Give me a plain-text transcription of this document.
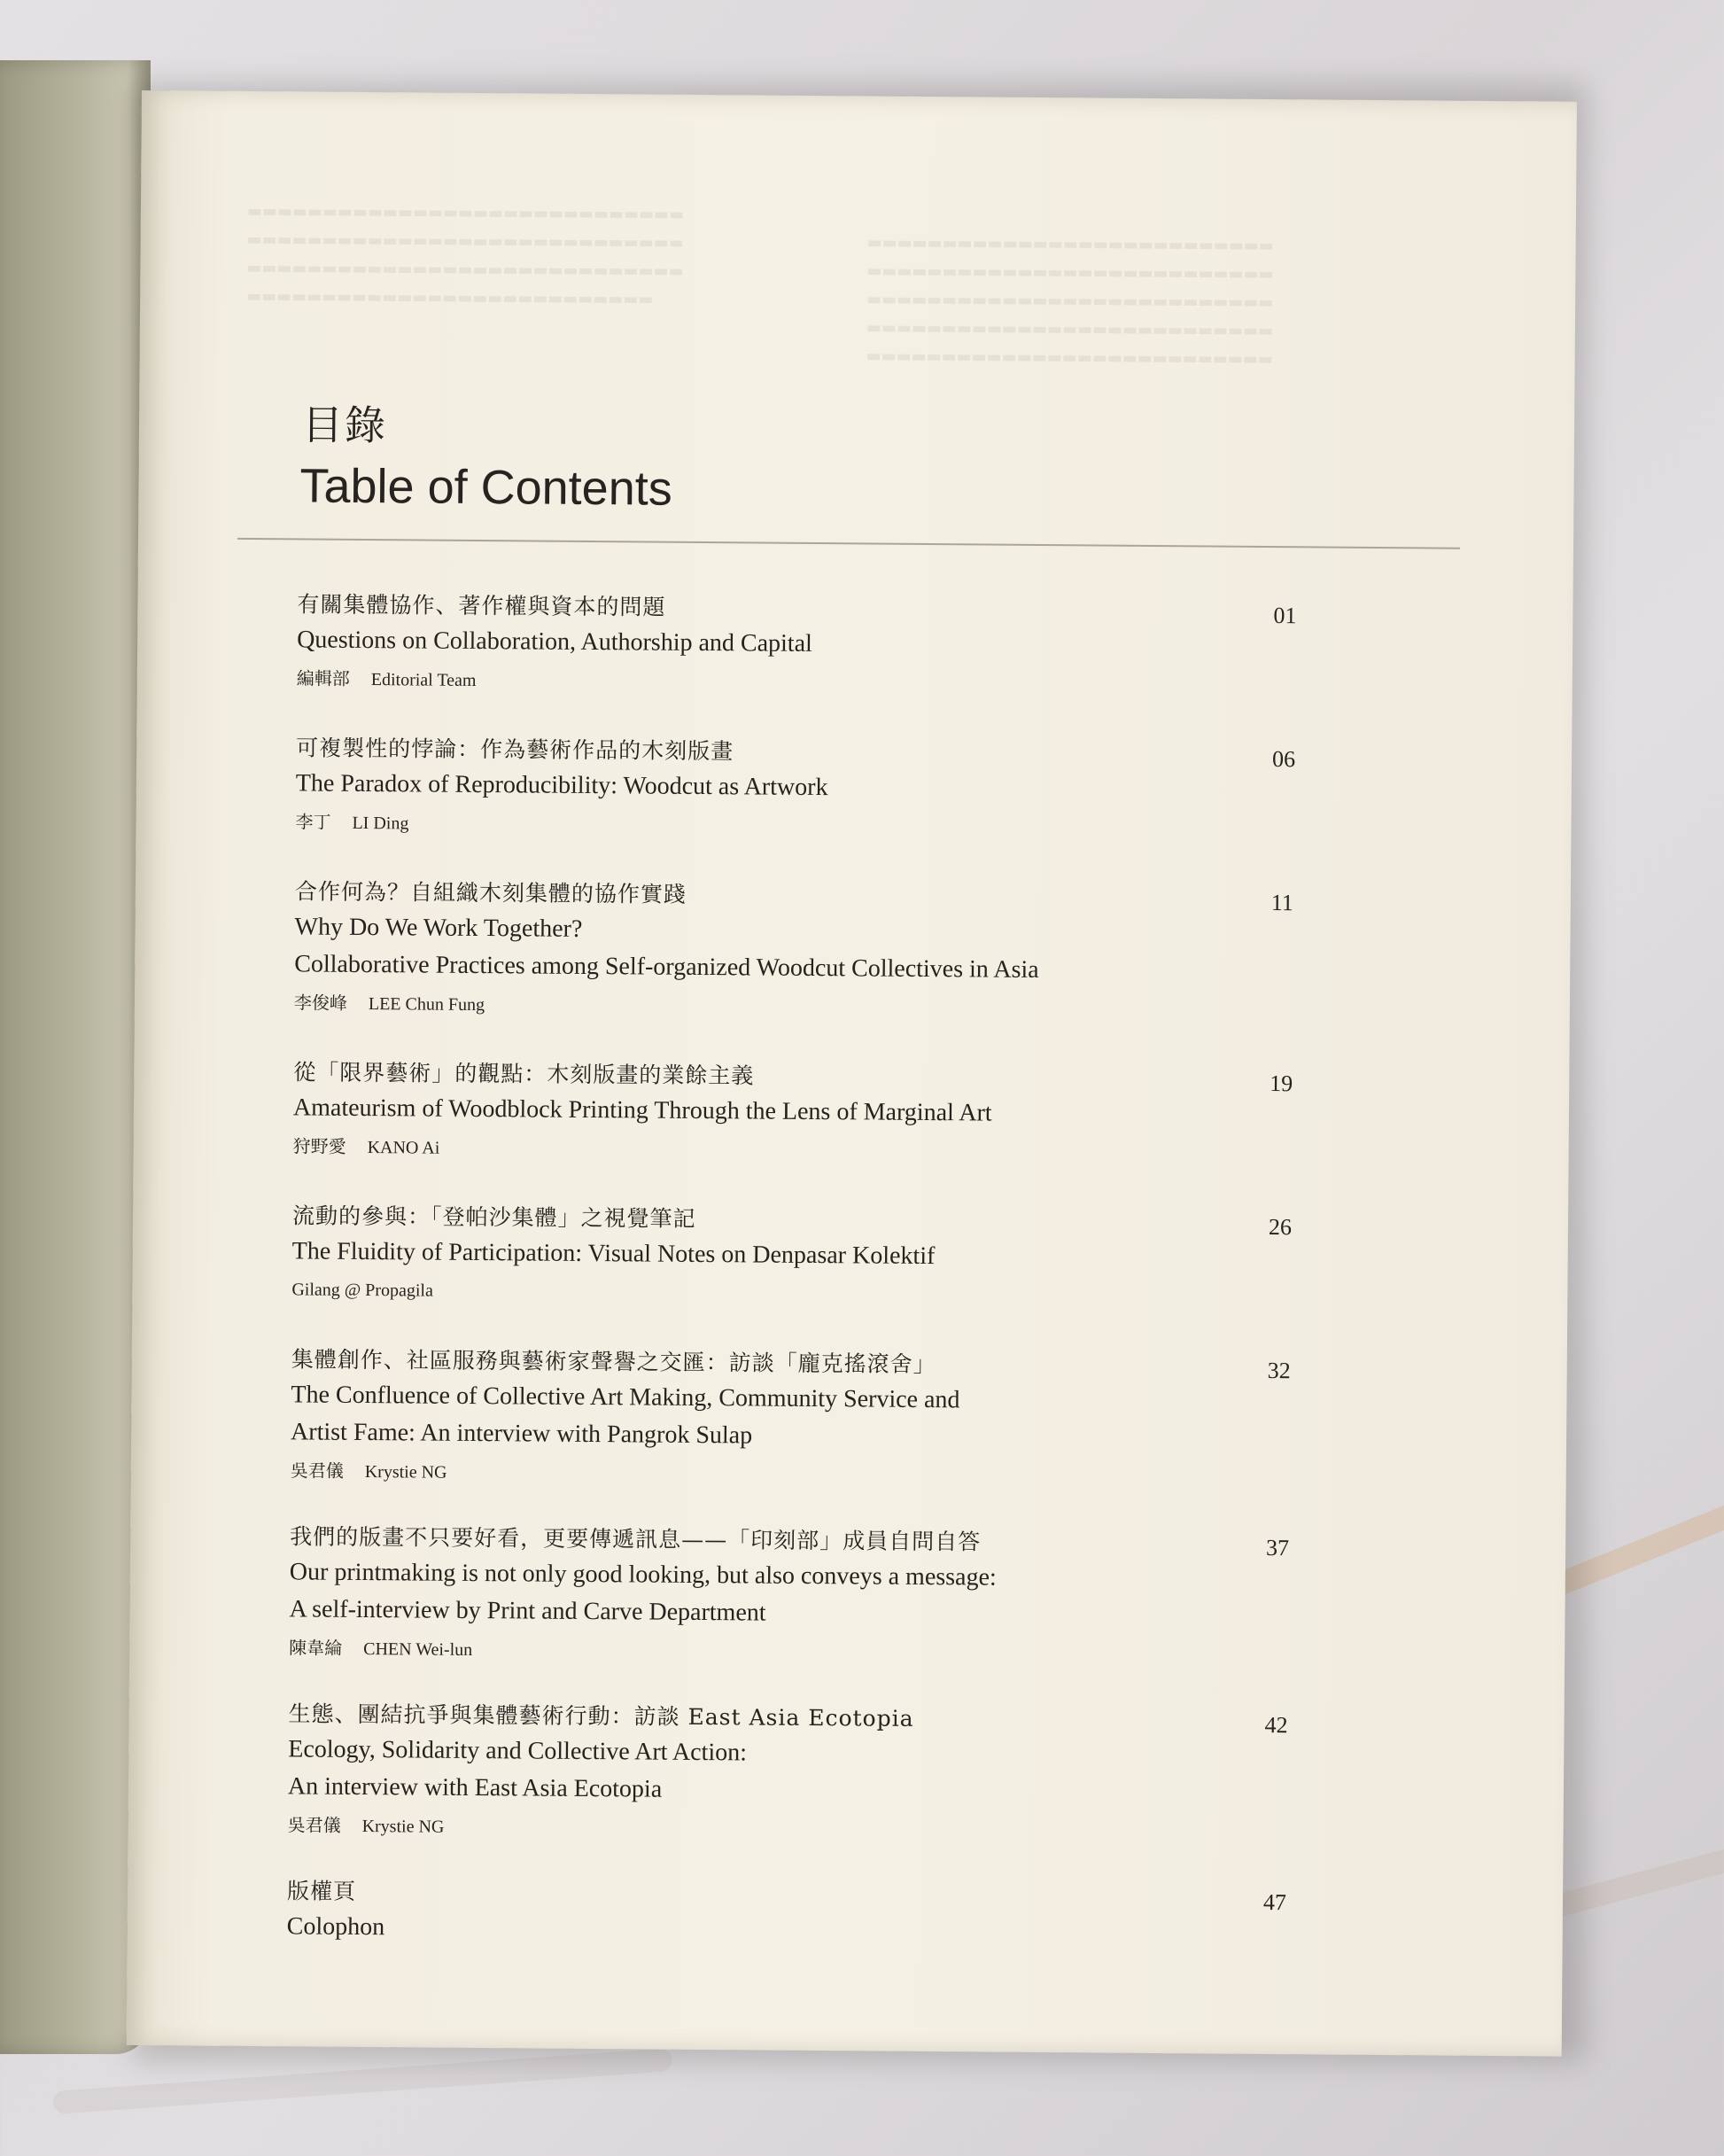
▬▬▬▬▬▬▬▬▬▬▬▬▬▬▬▬▬▬▬▬▬▬▬▬▬▬▬▬▬
▬▬▬▬▬▬▬▬▬▬▬▬▬▬▬▬▬▬▬▬▬▬▬▬▬▬▬▬▬
▬▬▬▬▬▬▬▬▬▬▬▬▬▬▬▬▬▬▬▬▬▬▬▬▬▬▬▬▬
▬▬▬▬▬▬▬▬▬▬▬▬▬▬▬▬▬▬▬▬▬▬▬▬▬▬▬
▬▬▬▬▬▬▬▬▬▬▬▬▬▬▬▬▬▬▬▬▬▬▬▬▬▬▬
▬▬▬▬▬▬▬▬▬▬▬▬▬▬▬▬▬▬▬▬▬▬▬▬▬▬▬
▬▬▬▬▬▬▬▬▬▬▬▬▬▬▬▬▬▬▬▬▬▬▬▬▬▬▬
▬▬▬▬▬▬▬▬▬▬▬▬▬▬▬▬▬▬▬▬▬▬▬▬▬▬▬
▬▬▬▬▬▬▬▬▬▬▬▬▬▬▬▬▬▬▬▬▬▬▬▬▬▬▬
目錄
Table of Contents
有關集體協作、著作權與資本的問題
Questions on Collaboration, Authorship and Capital
編輯部 Editorial Team
01
可複製性的悖論：作為藝術作品的木刻版畫
The Paradox of Reproducibility: Woodcut as Artwork
李丁 LI Ding
06
合作何為？自組織木刻集體的協作實踐
Why Do We Work Together?
Collaborative Practices among Self-organized Woodcut Collectives in Asia
李俊峰 LEE Chun Fung
11
從「限界藝術」的觀點：木刻版畫的業餘主義
Amateurism of Woodblock Printing Through the Lens of Marginal Art
狩野愛 KANO Ai
19
流動的參與：「登帕沙集體」之視覺筆記
The Fluidity of Participation: Visual Notes on Denpasar Kolektif
Gilang @ Propagila
26
集體創作、社區服務與藝術家聲譽之交匯：訪談「龐克搖滾舍」
The Confluence of Collective Art Making, Community Service and
Artist Fame: An interview with Pangrok Sulap
吳君儀 Krystie NG
32
我們的版畫不只要好看，更要傳遞訊息——「印刻部」成員自問自答
Our printmaking is not only good looking, but also conveys a message:
A self-interview by Print and Carve Department
陳韋綸 CHEN Wei-lun
37
生態、團結抗爭與集體藝術行動：訪談 East Asia Ecotopia
Ecology, Solidarity and Collective Art Action:
An interview with East Asia Ecotopia
吳君儀 Krystie NG
42
版權頁
Colophon
47
